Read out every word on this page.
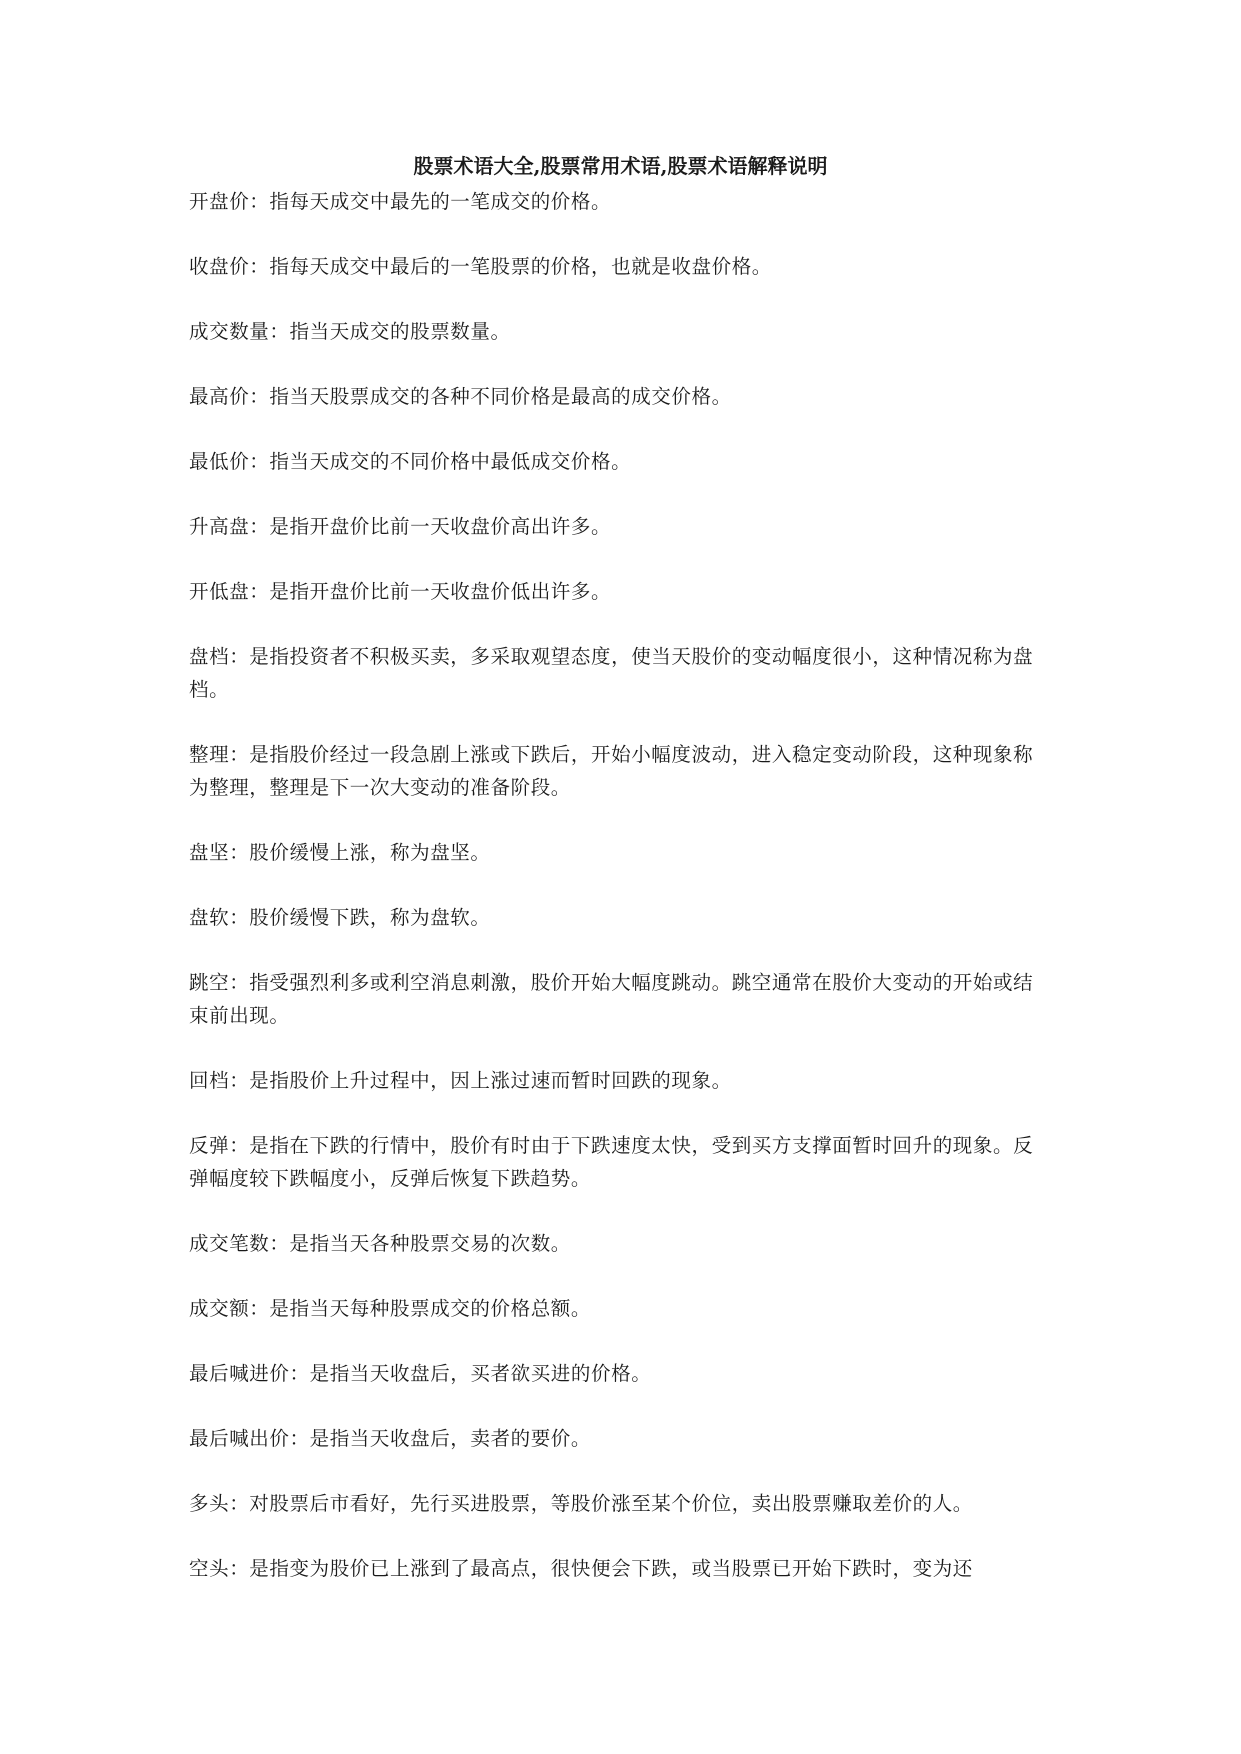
股票术语大全,股票常用术语,股票术语解释说明

开盘价：指每天成交中最先的一笔成交的价格。

收盘价：指每天成交中最后的一笔股票的价格，也就是收盘价格。

成交数量：指当天成交的股票数量。

最高价：指当天股票成交的各种不同价格是最高的成交价格。

最低价：指当天成交的不同价格中最低成交价格。

升高盘：是指开盘价比前一天收盘价高出许多。

开低盘：是指开盘价比前一天收盘价低出许多。

盘档：是指投资者不积极买卖，多采取观望态度，使当天股价的变动幅度很小，这种情况称为盘档。

整理：是指股价经过一段急剧上涨或下跌后，开始小幅度波动，进入稳定变动阶段，这种现象称为整理，整理是下一次大变动的准备阶段。

盘坚：股价缓慢上涨，称为盘坚。

盘软：股价缓慢下跌，称为盘软。

跳空：指受强烈利多或利空消息刺激，股价开始大幅度跳动。跳空通常在股价大变动的开始或结束前出现。

回档：是指股价上升过程中，因上涨过速而暂时回跌的现象。

反弹：是指在下跌的行情中，股价有时由于下跌速度太快，受到买方支撑面暂时回升的现象。反弹幅度较下跌幅度小，反弹后恢复下跌趋势。

成交笔数：是指当天各种股票交易的次数。

成交额：是指当天每种股票成交的价格总额。

最后喊进价：是指当天收盘后，买者欲买进的价格。

最后喊出价：是指当天收盘后，卖者的要价。

多头：对股票后市看好，先行买进股票，等股价涨至某个价位，卖出股票赚取差价的人。

空头：是指变为股价已上涨到了最高点，很快便会下跌，或当股票已开始下跌时，变为还
